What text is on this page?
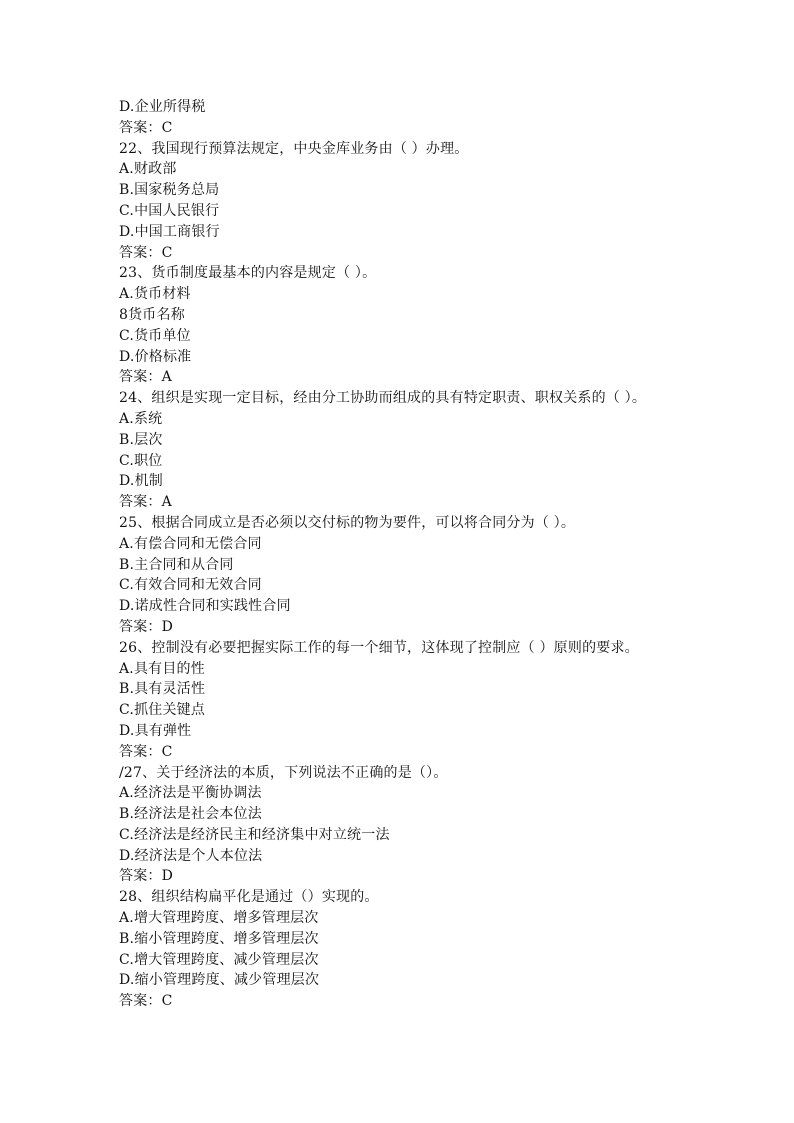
D.企业所得税
答案：C
22、我国现行预算法规定，中央金库业务由（ ）办理。
A.财政部
B.国家税务总局
C.中国人民银行
D.中国工商银行
答案：C
23、货币制度最基本的内容是规定（ ）。
A.货币材料
8货币名称
C.货币单位
D.价格标准
答案：A
24、组织是实现一定目标，经由分工协助而组成的具有特定职责、职权关系的（ ）。
A.系统
B.层次
C.职位
D.机制
答案：A
25、根据合同成立是否必须以交付标的物为要件，可以将合同分为（ ）。
A.有偿合同和无偿合同
B.主合同和从合同
C.有效合同和无效合同
D.诺成性合同和实践性合同
答案：D
26、控制没有必要把握实际工作的每一个细节，这体现了控制应（ ）原则的要求。
A.具有目的性
B.具有灵活性
C.抓住关键点
D.具有弹性
答案：C
/27、关于经济法的本质，下列说法不正确的是（）。
A.经济法是平衡协调法
B.经济法是社会本位法
C.经济法是经济民主和经济集中对立统一法
D.经济法是个人本位法
答案：D
28、组织结构扁平化是通过（）实现的。
A.增大管理跨度、增多管理层次
B.缩小管理跨度、增多管理层次
C.增大管理跨度、减少管理层次
D.缩小管理跨度、减少管理层次
答案：C
